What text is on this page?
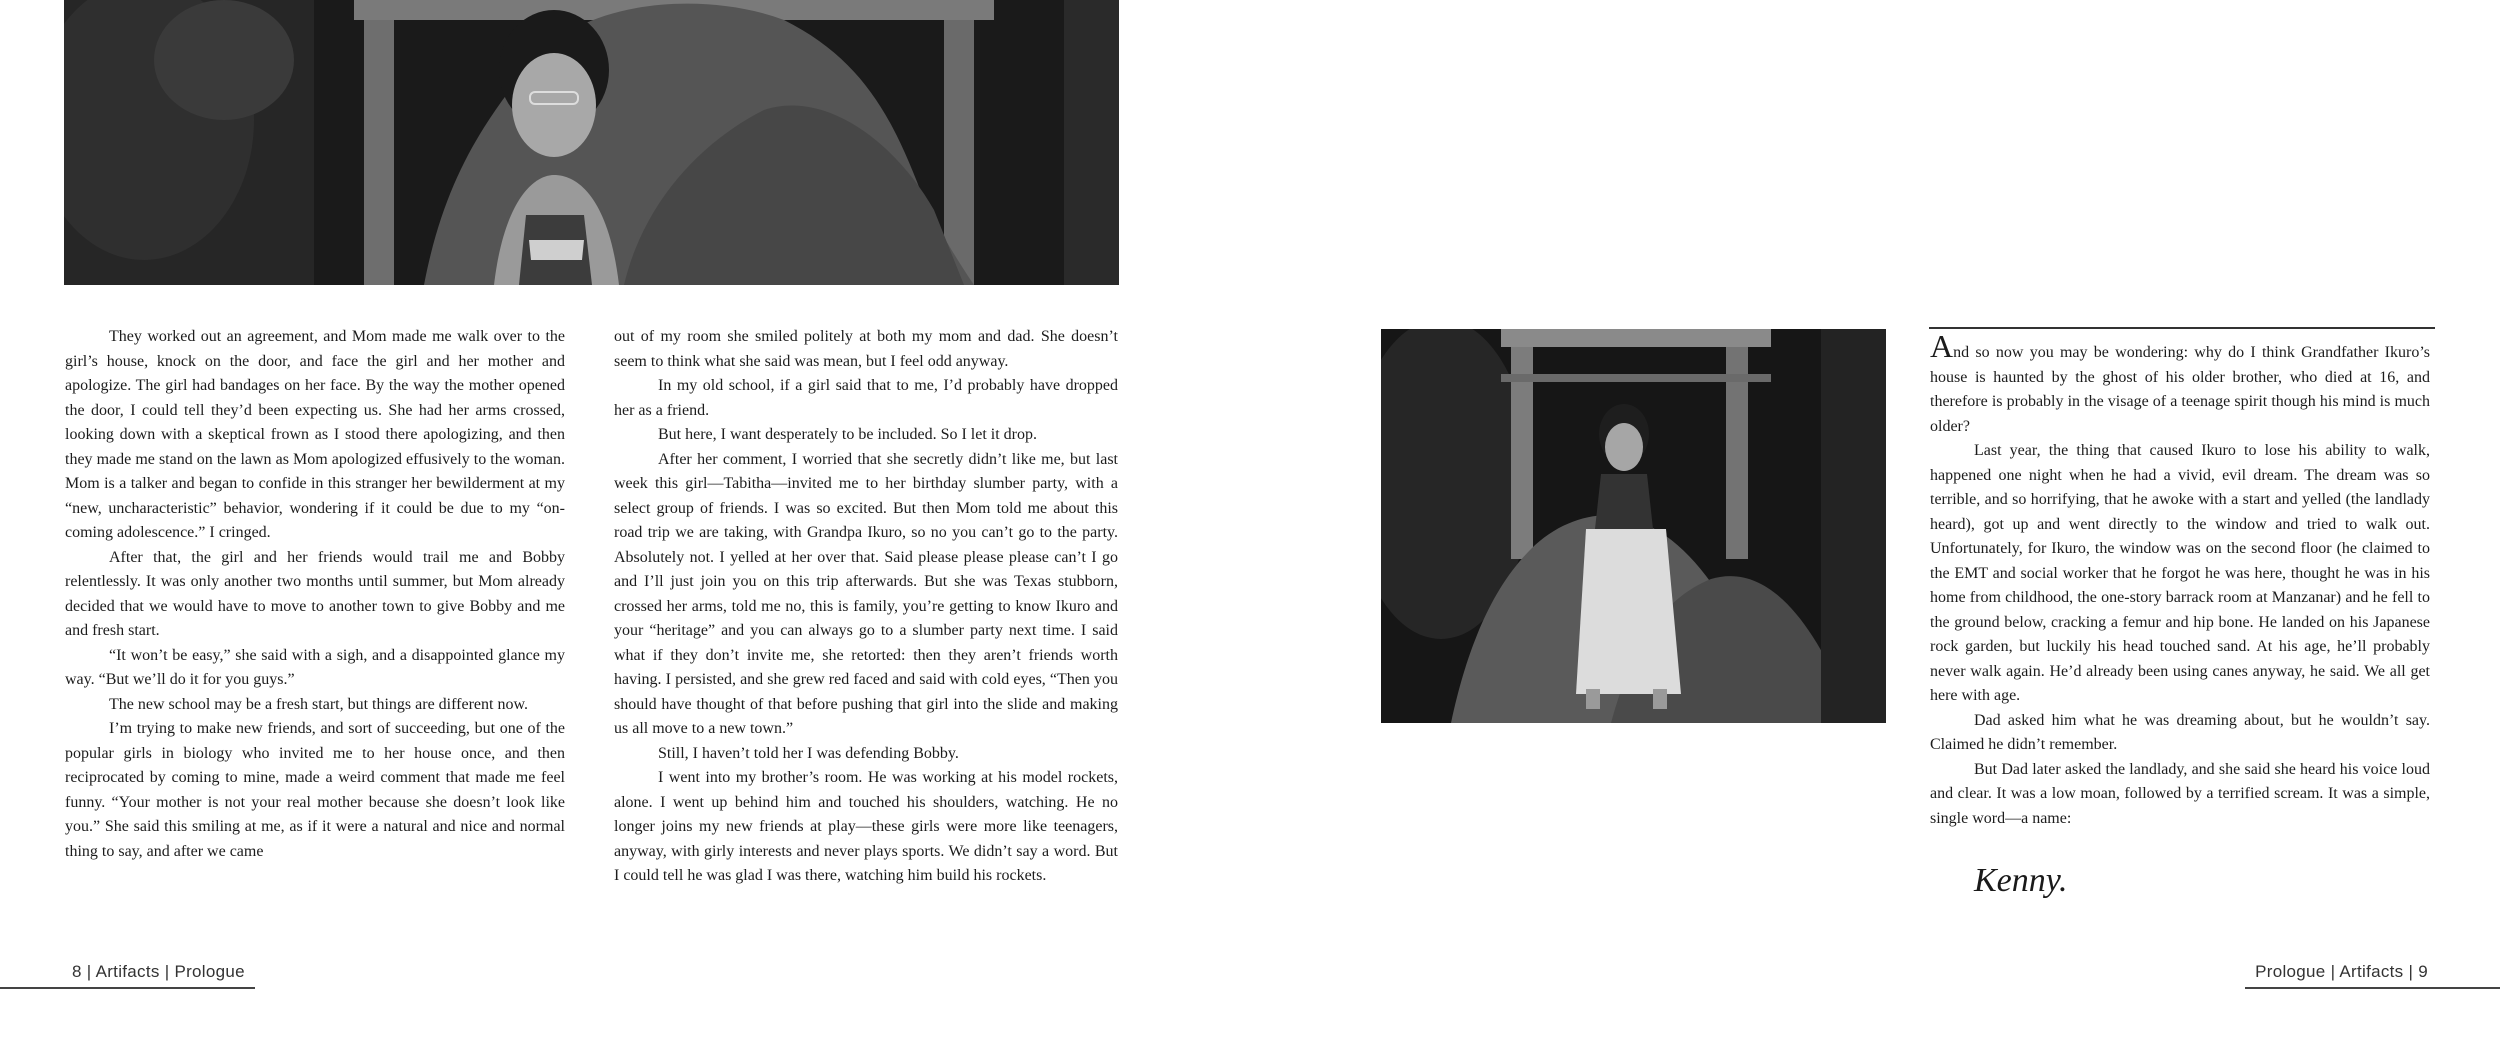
They worked out an agreement, and Mom made me walk over to the girl’s house, knock on the door, and face the girl and her mother and apologize. The girl had bandages on her face. By the way the mother opened the door, I could tell they’d been expecting us. She had her arms crossed, looking down with a skeptical frown as I stood there apologizing, and then they made me stand on the lawn as Mom apologized effusively to the woman. Mom is a talker and began to confide in this stranger her bewilderment at my “new, uncharacteristic” behavior, wondering if it could be due to my “on-coming adolescence.” I cringed.

After that, the girl and her friends would trail me and Bobby relentlessly. It was only another two months until summer, but Mom already decided that we would have to move to another town to give Bobby and me and fresh start.

“It won’t be easy,” she said with a sigh, and a disappointed glance my way. “But we’ll do it for you guys.”

The new school may be a fresh start, but things are different now.

I’m trying to make new friends, and sort of succeeding, but one of the popular girls in biology who invited me to her house once, and then reciprocated by coming to mine, made a weird comment that made me feel funny. “Your mother is not your real mother because she doesn’t look like you.” She said this smiling at me, as if it were a natural and nice and normal thing to say, and after we came

out of my room she smiled politely at both my mom and dad. She doesn’t seem to think what she said was mean, but I feel odd anyway.

In my old school, if a girl said that to me, I’d probably have dropped her as a friend.

But here, I want desperately to be included. So I let it drop.

After her comment, I worried that she secretly didn’t like me, but last week this girl—Tabitha—invited me to her birthday slumber party, with a select group of friends. I was so excited. But then Mom told me about this road trip we are taking, with Grandpa Ikuro, so no you can’t go to the party. Absolutely not. I yelled at her over that. Said please please please can’t I go and I’ll just join you on this trip afterwards. But she was Texas stubborn, crossed her arms, told me no, this is family, you’re getting to know Ikuro and your “heritage” and you can always go to a slumber party next time. I said what if they don’t invite me, she retorted: then they aren’t friends worth having. I persisted, and she grew red faced and said with cold eyes, “Then you should have thought of that before pushing that girl into the slide and making us all move to a new town.”

Still, I haven’t told her I was defending Bobby.

I went into my brother’s room. He was working at his model rockets, alone. I went up behind him and touched his shoulders, watching. He no longer joins my new friends at play—these girls were more like teenagers, anyway, with girly interests and never plays sports. We didn’t say a word. But I could tell he was glad I was there, watching him build his rockets.

And so now you may be wondering: why do I think Grandfather Ikuro’s house is haunted by the ghost of his older brother, who died at 16, and therefore is probably in the visage of a teenage spirit though his mind is much older?

Last year, the thing that caused Ikuro to lose his ability to walk, happened one night when he had a vivid, evil dream. The dream was so terrible, and so horrifying, that he awoke with a start and yelled (the landlady heard), got up and went directly to the window and tried to walk out. Unfortunately, for Ikuro, the window was on the second floor (he claimed to the EMT and social worker that he forgot he was here, thought he was in his home from childhood, the one-story barrack room at Manzanar) and he fell to the ground below, cracking a femur and hip bone. He landed on his Japanese rock garden, but luckily his head touched sand. At his age, he’ll probably never walk again. He’d already been using canes anyway, he said. We all get here with age.

Dad asked him what he was dreaming about, but he wouldn’t say. Claimed he didn’t remember.

But Dad later asked the landlady, and she said she heard his voice loud and clear. It was a low moan, followed by a terrified scream. It was a simple, single word—a name:

Kenny.
8 | Artifacts | Prologue	Prologue | Artifacts | 9
